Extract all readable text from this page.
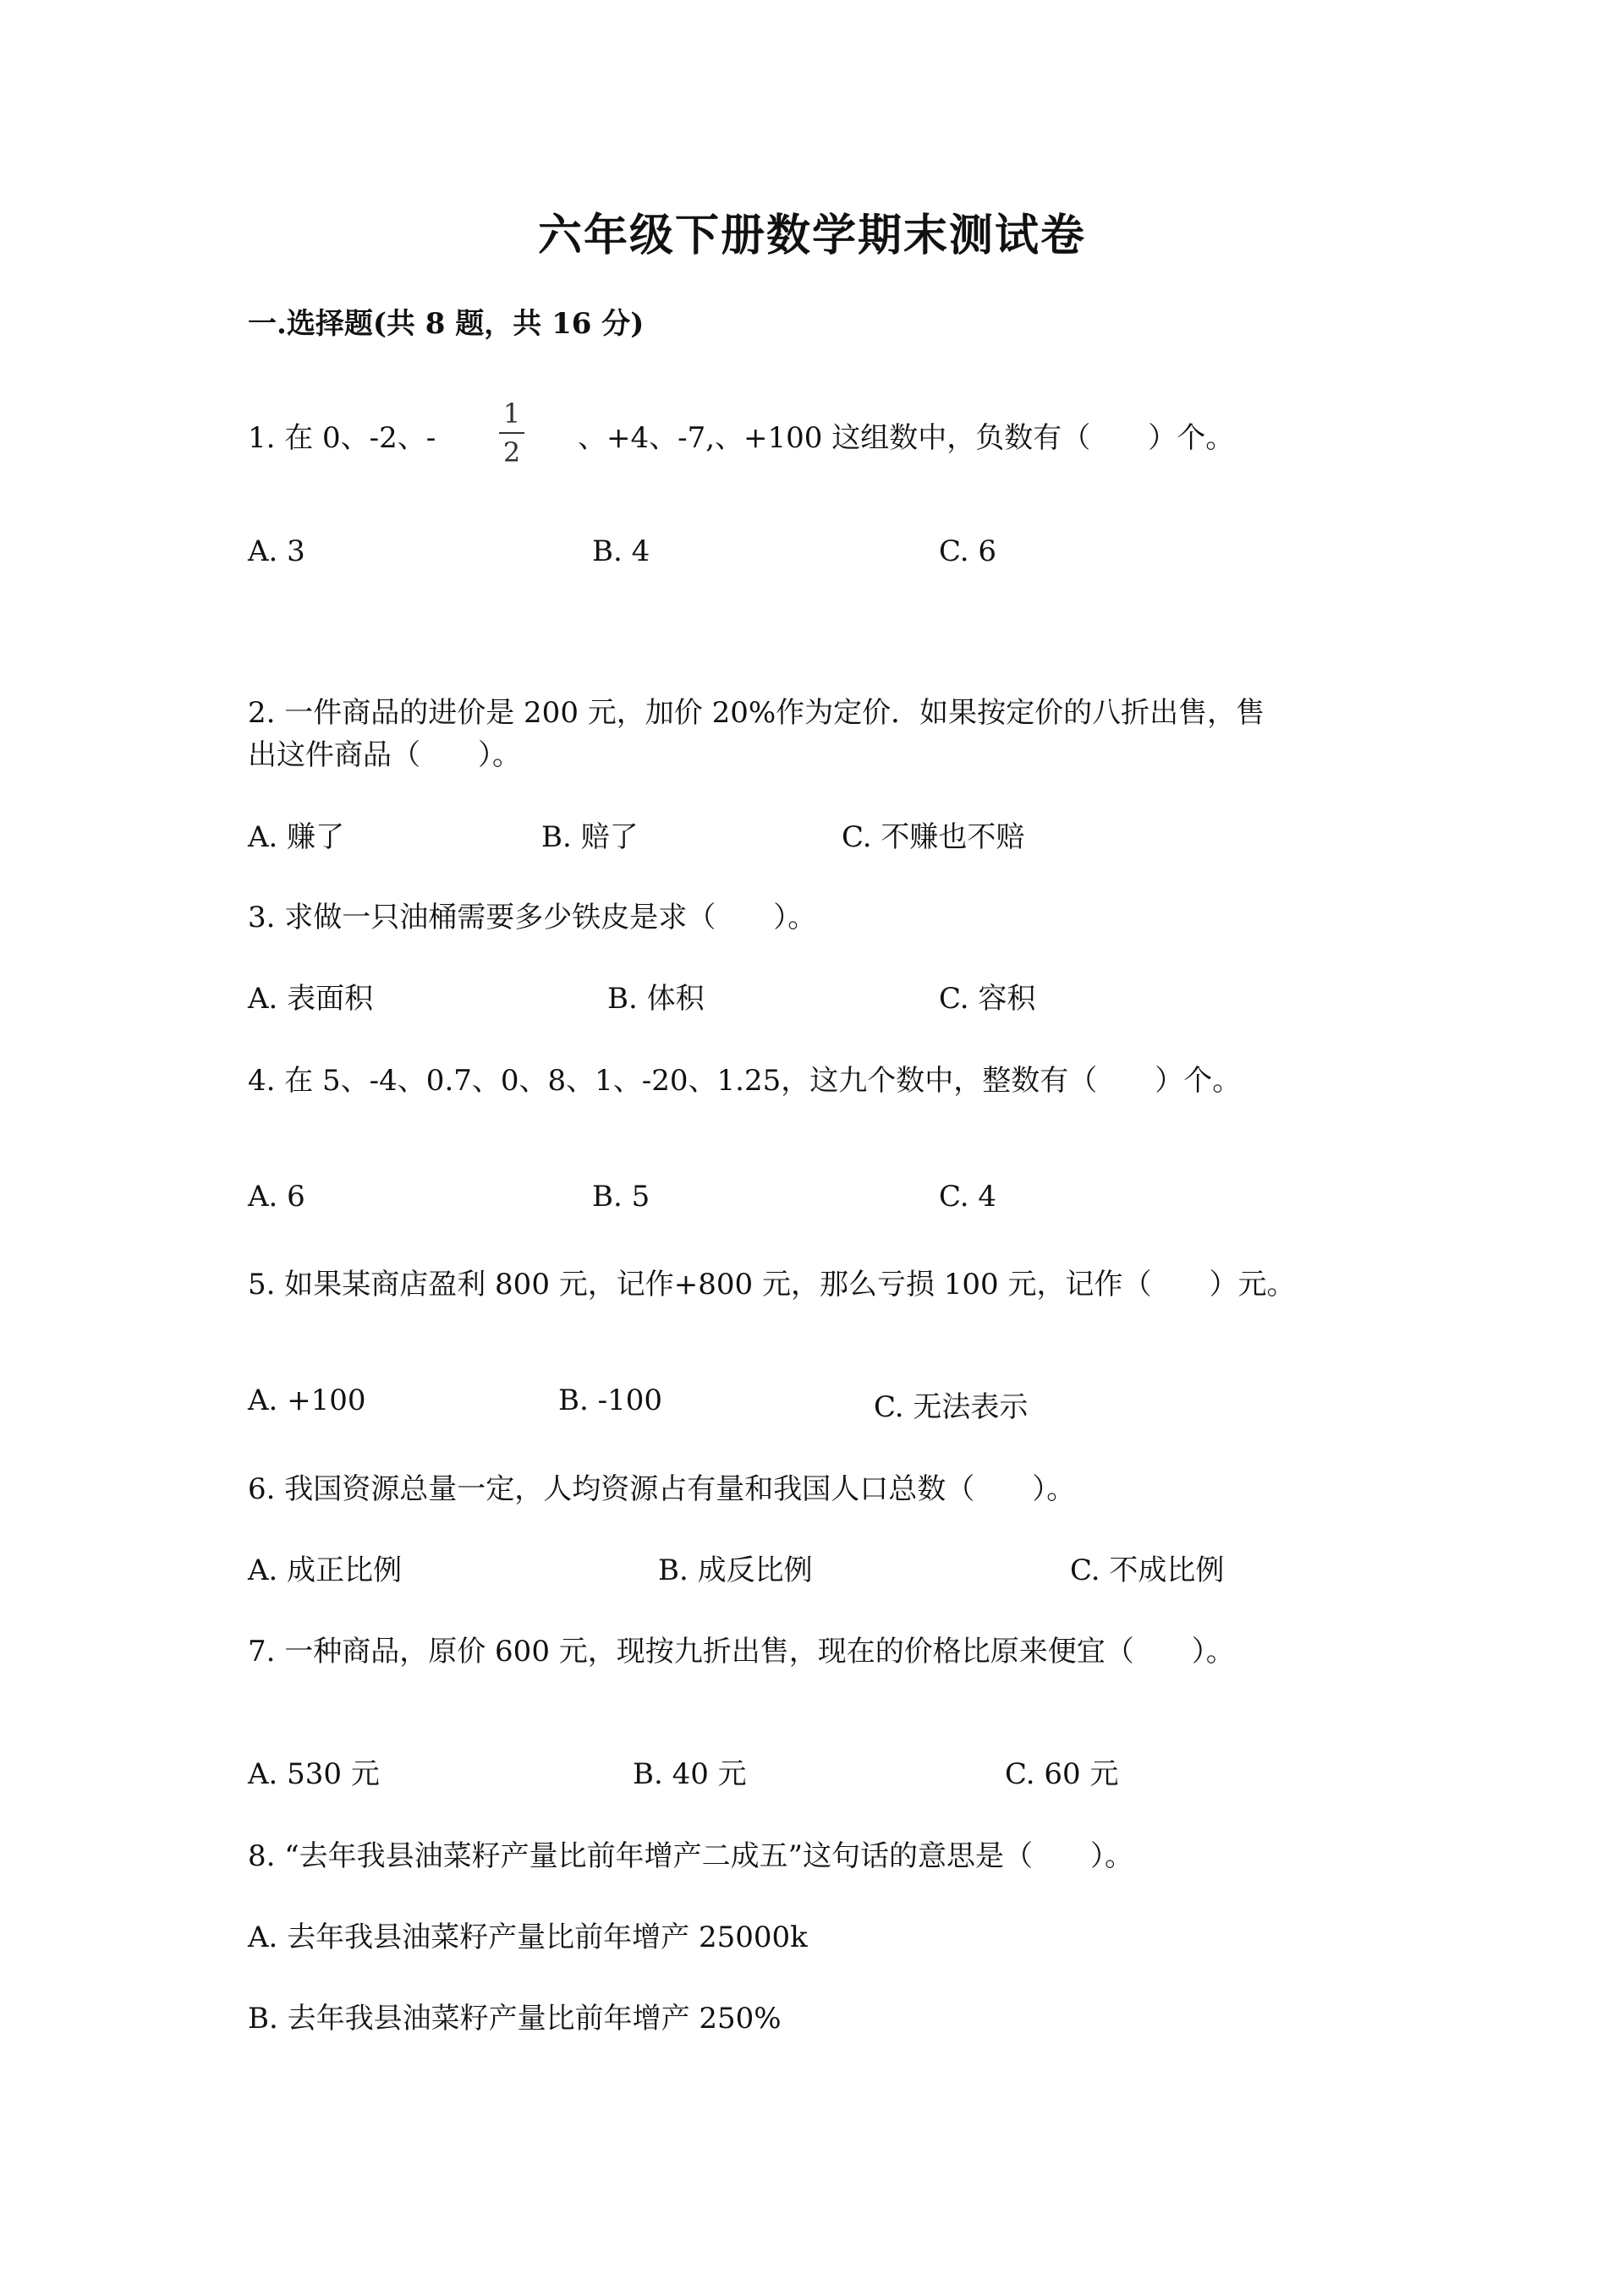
六年级下册数学期末测试卷
一.选择题(共 8 题，共 16 分)
1. 在 0、-2、-
1
2 、+4、-7,、+100 这组数中，负数有（　　）个。
A. 3	B. 4	C. 6
2. 一件商品的进价是 200 元，加价 20%作为定价．如果按定价的八折出售，售
出这件商品（　　）。
A. 赚了	B. 赔了	C. 不赚也不赔
3. 求做一只油桶需要多少铁皮是求（　　）。
A. 表面积	B. 体积	C. 容积
4. 在 5、-4、0.7、0、8、1、-20、1.25，这九个数中，整数有（　　）个。
A. 6	B. 5	C. 4
5. 如果某商店盈利 800 元，记作+800 元，那么亏损 100 元，记作（　　）元。
A. +100	B. -100	C. 无法表示
6. 我国资源总量一定，人均资源占有量和我国人口总数（　　）。
A. 成正比例	B. 成反比例	C. 不成比例
7. 一种商品，原价 600 元，现按九折出售，现在的价格比原来便宜（　　）。
A. 530 元	B. 40 元	C. 60 元
8. “去年我县油菜籽产量比前年增产二成五”这句话的意思是（　　）。
A. 去年我县油菜籽产量比前年增产 25000k
B. 去年我县油菜籽产量比前年增产 250%
